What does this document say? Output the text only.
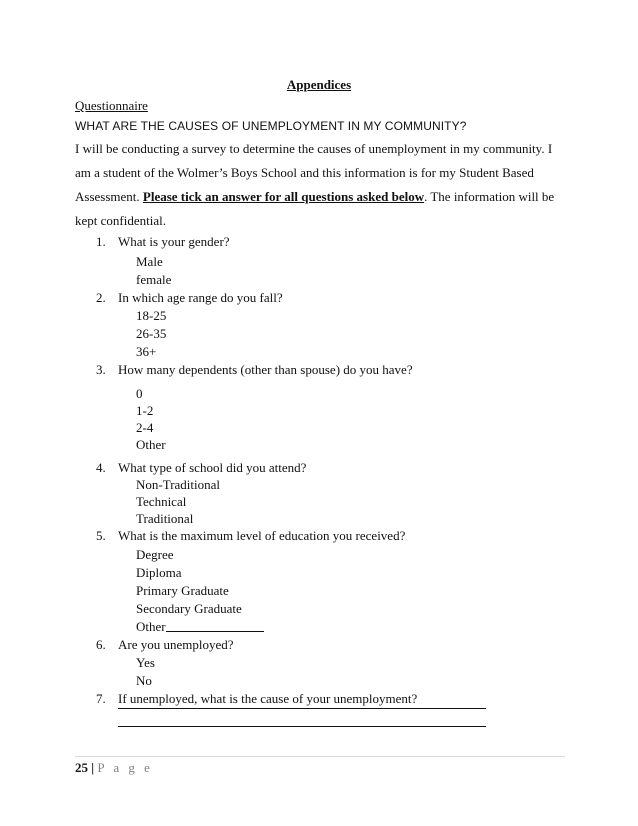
Appendices
Questionnaire
WHAT ARE THE CAUSES OF UNEMPLOYMENT IN MY COMMUNITY?
I will be conducting a survey to determine the causes of unemployment in my community. I am a student of the Wolmer’s Boys School and this information is for my Student Based Assessment. Please tick an answer for all questions asked below. The information will be kept confidential.
1. What is your gender?
Male
female
2. In which age range do you fall?
18-25
26-35
36+
3. How many dependents (other than spouse) do you have?
0
1-2
2-4
Other
4. What type of school did you attend?
Non-Traditional
Technical
Traditional
5. What is the maximum level of education you received?
Degree
Diploma
Primary Graduate
Secondary Graduate
Other
6. Are you unemployed?
Yes
No
7. If unemployed, what is the cause of your unemployment?
25 | P a g e
